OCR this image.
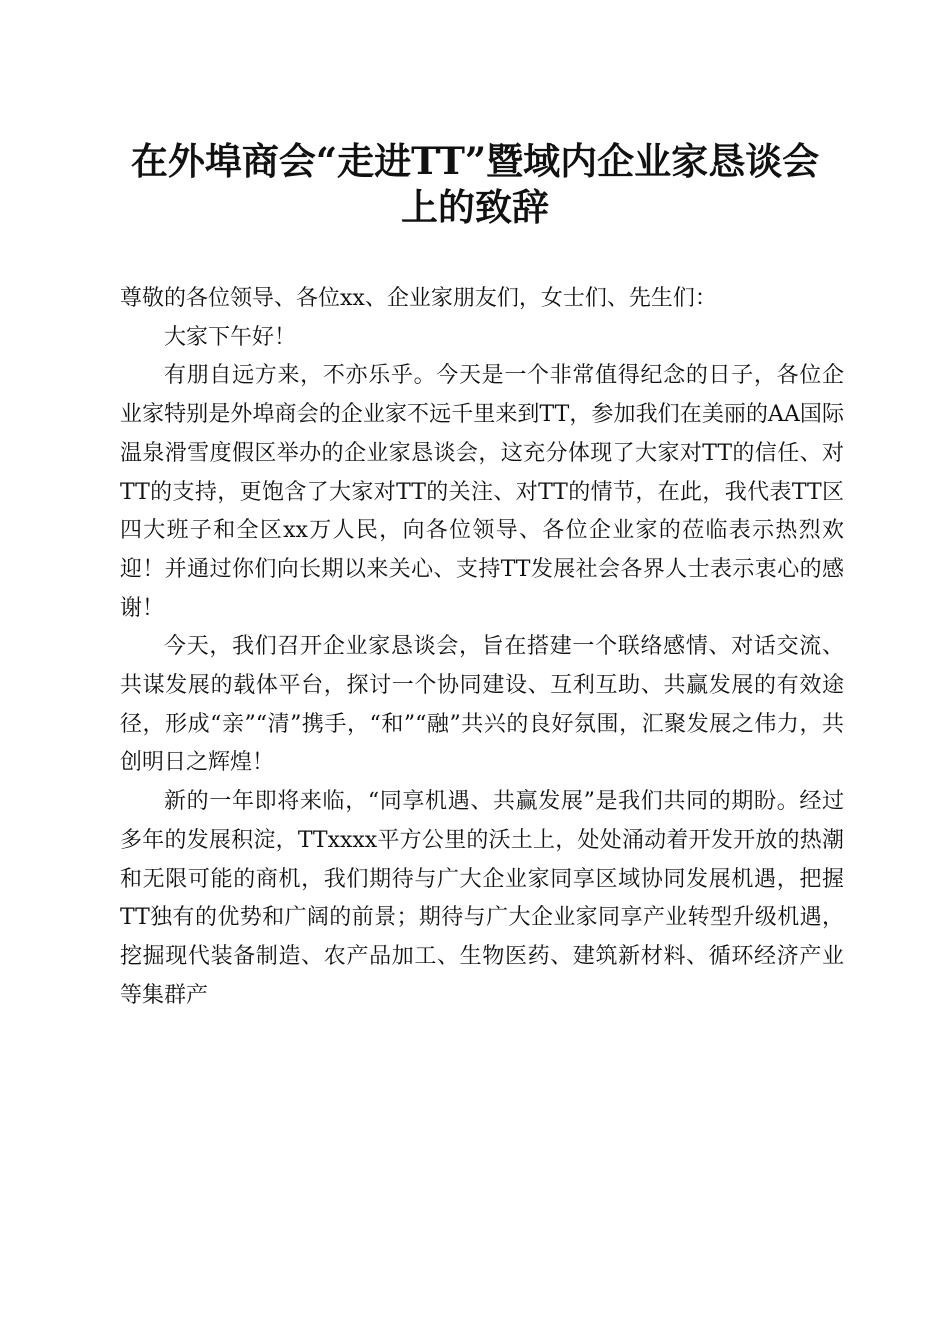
在外埠商会“走进TT”暨域内企业家恳谈会
上的致辞

尊敬的各位领导、各位xx、企业家朋友们，女士们、先生们：

大家下午好！

有朋自远方来，不亦乐乎。今天是一个非常值得纪念的日子，各位企业家特别是外埠商会的企业家不远千里来到TT，参加我们在美丽的AA国际温泉滑雪度假区举办的企业家恳谈会，这充分体现了大家对TT的信任、对TT的支持，更饱含了大家对TT的关注、对TT的情节，在此，我代表TT区四大班子和全区xx万人民，向各位领导、各位企业家的莅临表示热烈欢迎！并通过你们向长期以来关心、支持TT发展社会各界人士表示衷心的感谢！

今天，我们召开企业家恳谈会，旨在搭建一个联络感情、对话交流、共谋发展的载体平台，探讨一个协同建设、互利互助、共赢发展的有效途径，形成“亲”“清”携手，“和”“融”共兴的良好氛围，汇聚发展之伟力，共创明日之辉煌！

新的一年即将来临，“同享机遇、共赢发展”是我们共同的期盼。经过多年的发展积淀，TTxxxx平方公里的沃土上，处处涌动着开发开放的热潮和无限可能的商机，我们期待与广大企业家同享区域协同发展机遇，把握TT独有的优势和广阔的前景；期待与广大企业家同享产业转型升级机遇，挖掘现代装备制造、农产品加工、生物医药、建筑新材料、循环经济产业等集群产
